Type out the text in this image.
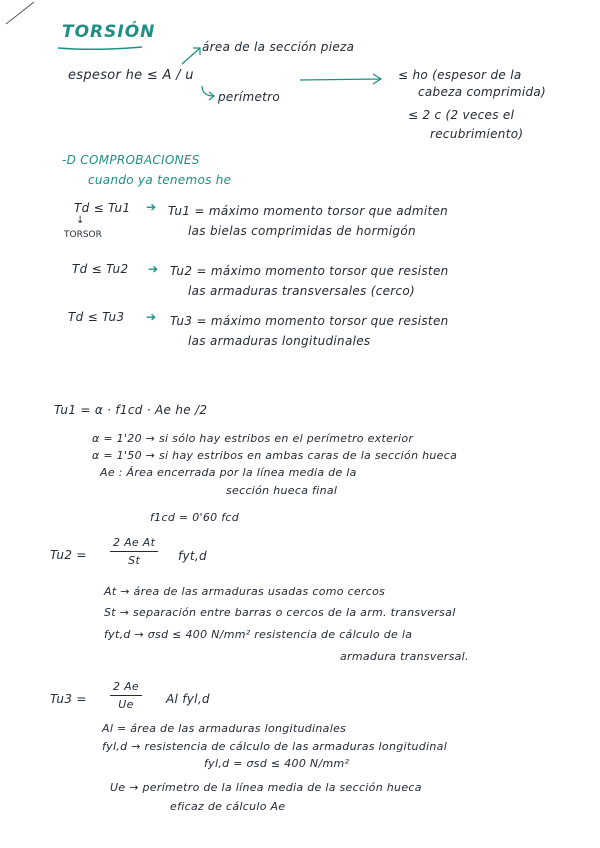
TORSIÓN
área de la sección pieza
espesor he ≤ A / u
perímetro
≤ ho (espesor de la
cabeza comprimida)
≤ 2 c (2 veces el
recubrimiento)
-D COMPROBACIONES
cuando ya tenemos he
Td ≤ Tu1 ➔ Tu1 = máximo momento torsor que admiten
las bielas comprimidas de hormigón
↓
TORSOR
Td ≤ Tu2 ➔ Tu2 = máximo momento torsor que resisten
las armaduras transversales (cerco)
Td ≤ Tu3 ➔ Tu3 = máximo momento torsor que resisten
las armaduras longitudinales
Tu1 = α · f1cd · Ae he /2
α = 1'20 → si sólo hay estribos en el perímetro exterior
α = 1'50 → si hay estribos en ambas caras de la sección hueca
Ae : Área encerrada por la línea media de la
sección hueca final
f1cd = 0'60 fcd
$Tu2 = \frac{\text{2 Ae At}}{St} fyt,d$
At → área de las armaduras usadas como cercos
St → separación entre barras o cercos de la arm. transversal
fyt,d → σsd ≤ 400 N/mm² resistencia de cálculo de la
armadura transversal.
$Tu3 = \frac{2 Ae}{Ue}$ Al fyl,d
Al = área de las armaduras longitudinales
fyl,d → resistencia de cálculo de las armaduras longitudinal
fyl,d = σsd ≤ 400 N/mm²
Ue → perímetro de la línea media de la sección hueca
eficaz de cálculo Ae
